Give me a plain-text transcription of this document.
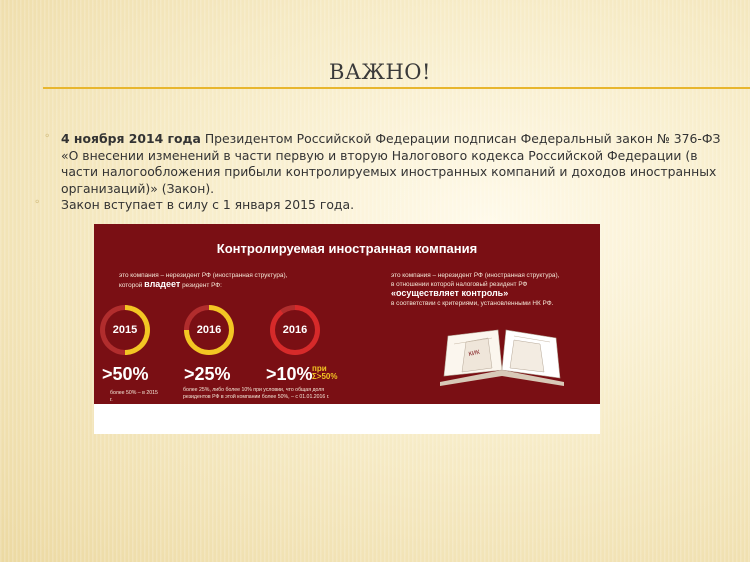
ВАЖНО!
⚬ 4 ноября 2014 года Президентом Российской Федерации подписан Федеральный закон № 376-ФЗ «О внесении изменений в части первую и вторую Налогового кодекса Российской Федерации (в части налогообложения прибыли контролируемых иностранных компаний и доходов иностранных организаций)» (Закон).
⚬ Закон вступает в силу с 1 января 2015 года.
Контролируемая иностранная компания
это компания – нерезидент РФ (иностранная структура),
которой владеет резидент РФ:
это компания – нерезидент РФ (иностранная структура),
в отношении которой налоговый резидент РФ
«осуществляет контроль»
в соответствии с критериями, установленными НК РФ.
2015
>50%
более 50% – в 2015 г.
2016
>25%
более 25%, либо более 10% при условии, что общая доля резидентов РФ в этой компании более 50%, – с 01.01.2016 г.
2016
>10% при Σ>50%
КИК
